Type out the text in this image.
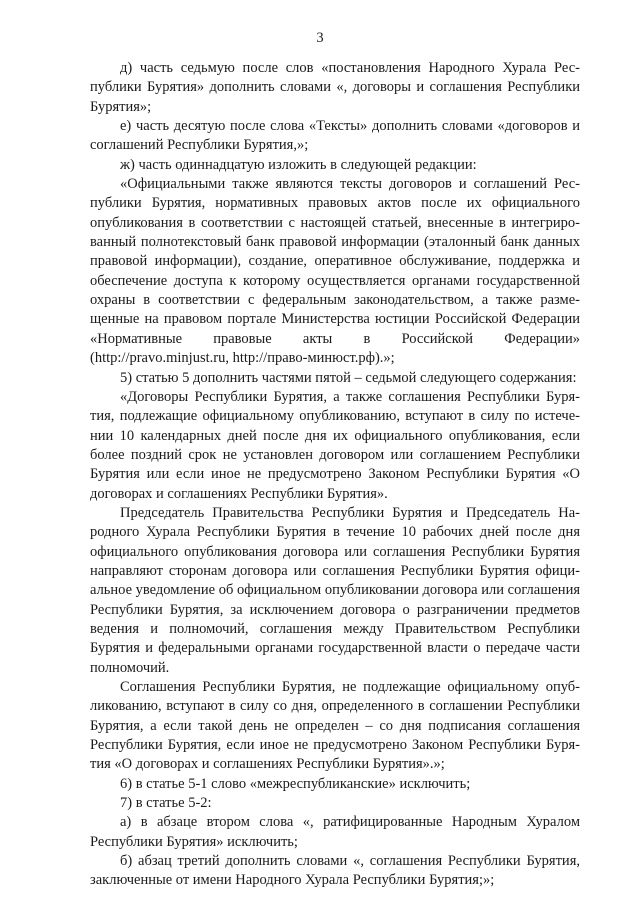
3

д) часть седьмую после слов «постановления Народного Хурала Республики Бурятия» дополнить словами «, договоры и соглашения Республики Бурятия»;

е) часть десятую после слова «Тексты» дополнить словами «договоров и соглашений Республики Бурятия,»;

ж) часть одиннадцатую изложить в следующей редакции:

«Официальными также являются тексты договоров и соглашений Республики Бурятия, нормативных правовых актов после их официального опубликования в соответствии с настоящей статьей, внесенные в интегрированный полнотекстовый банк правовой информации (эталонный банк данных правовой информации), создание, оперативное обслуживание, поддержка и обеспечение доступа к которому осуществляется органами государственной охраны в соответствии с федеральным законодательством, а также размещенные на правовом портале Министерства юстиции Российской Федерации «Нормативные правовые акты в Российской Федерации» (http://pravo.minjust.ru, http://право-минюст.рф).»;

5) статью 5 дополнить частями пятой – седьмой следующего содержания:

«Договоры Республики Бурятия, а также соглашения Республики Бурятия, подлежащие официальному опубликованию, вступают в силу по истечении 10 календарных дней после дня их официального опубликования, если более поздний срок не установлен договором или соглашением Республики Бурятия или если иное не предусмотрено Законом Республики Бурятия «О договорах и соглашениях Республики Бурятия».

Председатель Правительства Республики Бурятия и Председатель Народного Хурала Республики Бурятия в течение 10 рабочих дней после дня официального опубликования договора или соглашения Республики Бурятия направляют сторонам договора или соглашения Республики Бурятия официальное уведомление об официальном опубликовании договора или соглашения Республики Бурятия, за исключением договора о разграничении предметов ведения и полномочий, соглашения между Правительством Республики Бурятия и федеральными органами государственной власти о передаче части полномочий.

Соглашения Республики Бурятия, не подлежащие официальному опубликованию, вступают в силу со дня, определенного в соглашении Республики Бурятия, а если такой день не определен – со дня подписания соглашения Республики Бурятия, если иное не предусмотрено Законом Республики Бурятия «О договорах и соглашениях Республики Бурятия».»;

6) в статье 5-1 слово «межреспубликанские» исключить;

7) в статье 5-2:

а) в абзаце втором слова «, ратифицированные Народным Хуралом Республики Бурятия» исключить;

б) абзац третий дополнить словами «, соглашения Республики Бурятия, заключенные от имени Народного Хурала Республики Бурятия;»;
